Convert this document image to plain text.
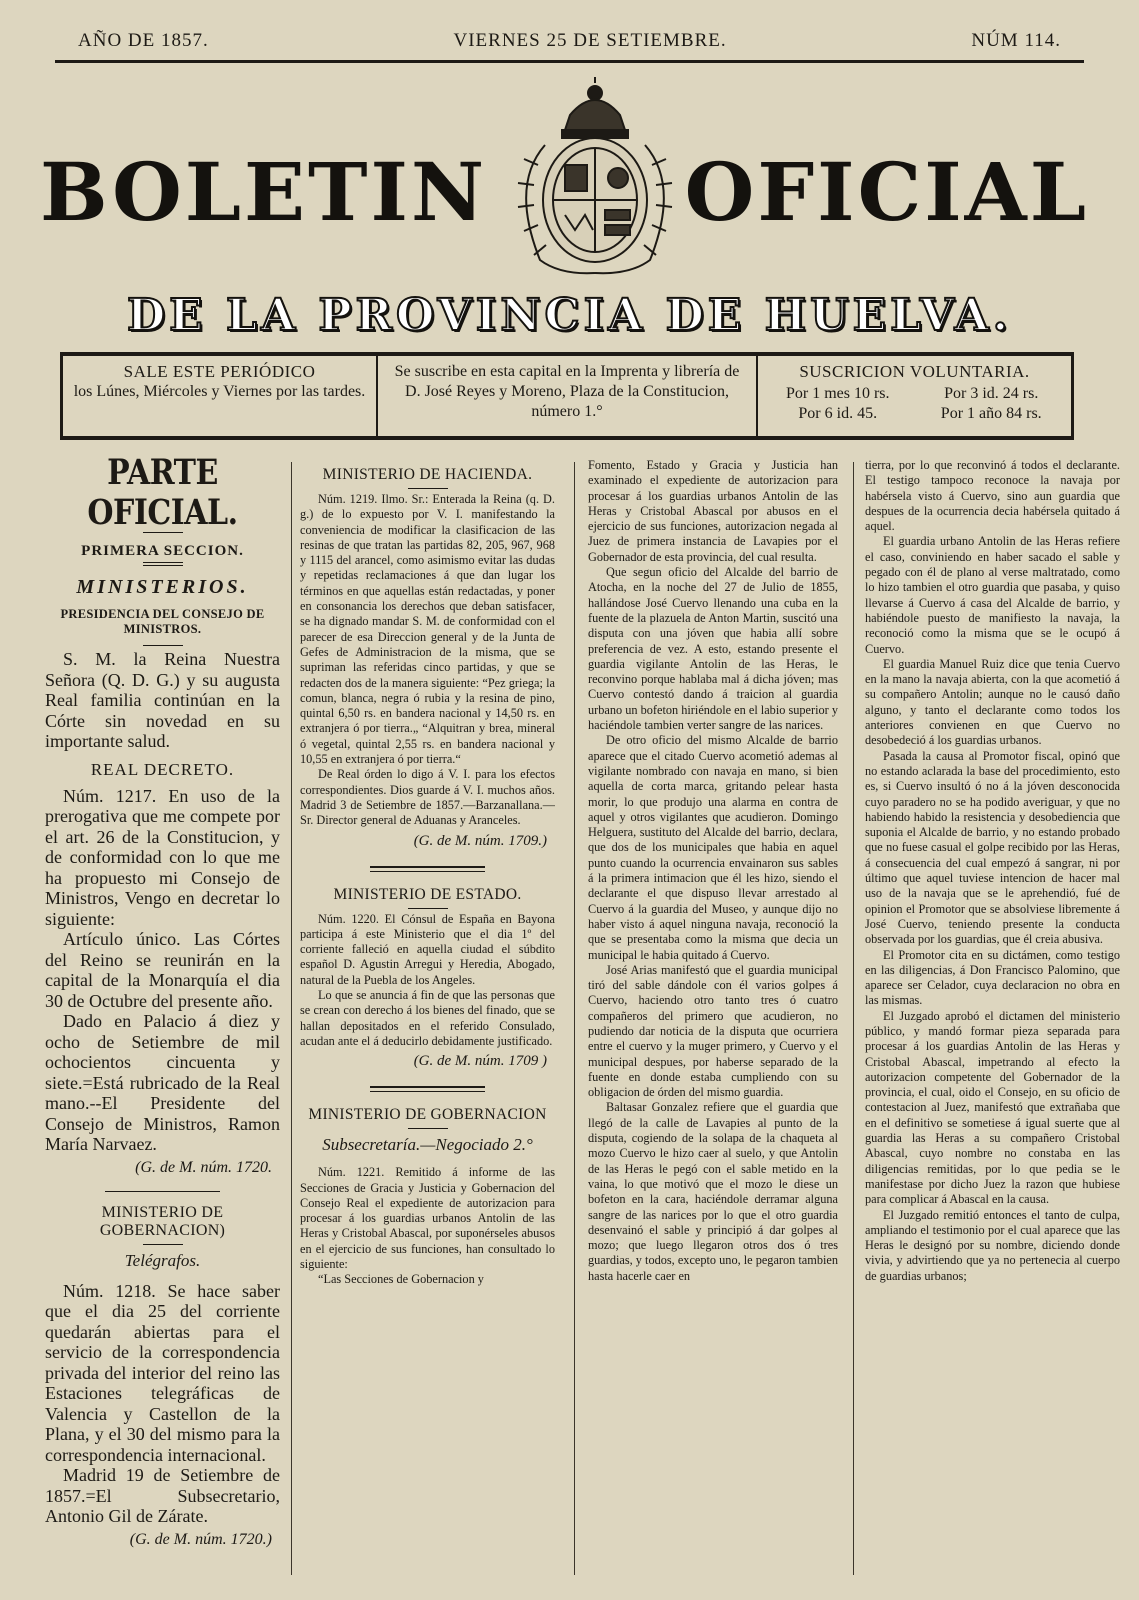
AÑO DE 1857.	VIERNES 25 DE SETIEMBRE.	NÚM 114.
BOLETIN OFICIAL
DE LA PROVINCIA DE HUELVA.
SALE ESTE PERIÓDICO
los Lúnes, Miércoles y Viernes por las tardes.
Se suscribe en esta capital en la Imprenta y librería de D. José Reyes y Moreno, Plaza de la Constitucion, número 1.°
SUSCRICION VOLUNTARIA.
Por 1 mes 10 rs.	Por 3 id. 24 rs.
Por 6 id. 45.	Por 1 año 84 rs.
PARTE OFICIAL.
PRIMERA SECCION.
MINISTERIOS.
PRESIDENCIA DEL CONSEJO DE MINISTROS.

S. M. la Reina Nuestra Señora (Q. D. G.) y su augusta Real familia continúan en la Córte sin novedad en su importante salud.

REAL DECRETO.

Núm. 1217. En uso de la prerogativa que me compete por el art. 26 de la Constitucion, y de conformidad con lo que me ha propuesto mi Consejo de Ministros, Vengo en decretar lo siguiente:

Artículo único. Las Córtes del Reino se reunirán en la capital de la Monarquía el dia 30 de Octubre del presente año.

Dado en Palacio á diez y ocho de Setiembre de mil ochocientos cincuenta y siete.=Está rubricado de la Real mano.--El Presidente del Consejo de Ministros, Ramon María Narvaez.

(G. de M. núm. 1720.
MINISTERIO DE GOBERNACION)
Telégrafos.

Núm. 1218. Se hace saber que el dia 25 del corriente quedarán abiertas para el servicio de la correspondencia privada del interior del reino las Estaciones telegráficas de Valencia y Castellon de la Plana, y el 30 del mismo para la correspondencia internacional.

Madrid 19 de Setiembre de 1857.=El Subsecretario, Antonio Gil de Zárate.

(G. de M. núm. 1720.)
MINISTERIO DE HACIENDA.

Núm. 1219. Ilmo. Sr.: Enterada la Reina (q. D. g.) de lo expuesto por V. I. manifestando la conveniencia de modificar la clasificacion de las resinas de que tratan las partidas 82, 205, 967, 968 y 1115 del arancel, como asimismo evitar las dudas y repetidas reclamaciones á que dan lugar los términos en que aquellas están redactadas, y poner en consonancia los derechos que deban satisfacer, se ha dignado mandar S. M. de conformidad con el parecer de esa Direccion general y de la Junta de Gefes de Administracion de la misma, que se supriman las referidas cinco partidas, y que se redacten dos de la manera siguiente: “Pez griega; la comun, blanca, negra ó rubia y la resina de pino, quintal 6,50 rs. en bandera nacional y 14,50 rs. en extranjera ó por tierra.„ “Alquitran y brea, mineral ó vegetal, quintal 2,55 rs. en bandera nacional y 10,55 en extranjera ó por tierra.“

De Real órden lo digo á V. I. para los efectos correspondientes. Dios guarde á V. I. muchos años. Madrid 3 de Setiembre de 1857.—Barzanallana.—Sr. Director general de Aduanas y Aranceles.

(G. de M. núm. 1709.)
MINISTERIO DE ESTADO.

Núm. 1220. El Cónsul de España en Bayona participa á este Ministerio que el dia 1º del corriente falleció en aquella ciudad el súbdito español D. Agustin Arregui y Heredia, Abogado, natural de la Puebla de los Angeles.

Lo que se anuncia á fin de que las personas que se crean con derecho á los bienes del finado, que se hallan depositados en el referido Consulado, acudan ante el á deducirlo debidamente justificado.

(G. de M. núm. 1709 )
MINISTERIO DE GOBERNACION
Subsecretaría.—Negociado 2.°

Núm. 1221. Remitido á informe de las Secciones de Gracia y Justicia y Gobernacion del Consejo Real el expediente de autorizacion para procesar á los guardias urbanos Antolin de las Heras y Cristobal Abascal, por suponérseles abusos en el ejercicio de sus funciones, han consultado lo siguiente:

“Las Secciones de Gobernacion y

Fomento, Estado y Gracia y Justicia han examinado el expediente de autorizacion para procesar á los guardias urbanos Antolin de las Heras y Cristobal Abascal por abusos en el ejercicio de sus funciones, autorizacion negada al Juez de primera instancia de Lavapies por el Gobernador de esta provincia, del cual resulta.

Que segun oficio del Alcalde del barrio de Atocha, en la noche del 27 de Julio de 1855, hallándose José Cuervo llenando una cuba en la fuente de la plazuela de Anton Martin, suscitó una disputa con una jóven que habia allí sobre preferencia de vez. A esto, estando presente el guardia vigilante Antolin de las Heras, le reconvino porque hablaba mal á dicha jóven; mas Cuervo contestó dando á traicion al guardia urbano un bofeton hiriéndole en el labio superior y haciéndole tambien verter sangre de las narices.

De otro oficio del mismo Alcalde de barrio aparece que el citado Cuervo acometió ademas al vigilante nombrado con navaja en mano, si bien aquella de corta marca, gritando pelear hasta morir, lo que produjo una alarma en contra de aquel y otros vigilantes que acudieron. Domingo Helguera, sustituto del Alcalde del barrio, declara, que dos de los municipales que habia en aquel punto cuando la ocurrencia envainaron sus sables á la primera intimacion que él les hizo, siendo el declarante el que dispuso llevar arrestado al Cuervo á la guardia del Museo, y aunque dijo no haber visto á aquel ninguna navaja, reconoció la que se presentaba como la misma que decia un municipal le habia quitado á Cuervo.

José Arias manifestó que el guardia municipal tiró del sable dándole con él varios golpes á Cuervo, haciendo otro tanto tres ó cuatro compañeros del primero que acudieron, no pudiendo dar noticia de la disputa que ocurriera entre el cuervo y la muger primero, y Cuervo y el municipal despues, por haberse separado de la fuente en donde estaba cumpliendo con su obligacion de órden del mismo guardia.

Baltasar Gonzalez refiere que el guardia que llegó de la calle de Lavapies al punto de la disputa, cogiendo de la solapa de la chaqueta al mozo Cuervo le hizo caer al suelo, y que Antolin de las Heras le pegó con el sable metido en la vaina, lo que motivó que el mozo le diese un bofeton en la cara, haciéndole derramar alguna sangre de las narices por lo que el otro guardia desenvainó el sable y principió á dar golpes al mozo; que luego llegaron otros dos ó tres guardias, y todos, excepto uno, le pegaron tambien hasta hacerle caer en

tierra, por lo que reconvinó á todos el declarante. El testigo tampoco reconoce la navaja por habérsela visto á Cuervo, sino aun guardia que despues de la ocurrencia decia habérsela quitado á aquel.

El guardia urbano Antolin de las Heras refiere el caso, conviniendo en haber sacado el sable y pegado con él de plano al verse maltratado, como lo hizo tambien el otro guardia que pasaba, y quiso llevarse á Cuervo á casa del Alcalde de barrio, y habiéndole puesto de manifiesto la navaja, la reconoció como la misma que se le ocupó á Cuervo.

El guardia Manuel Ruiz dice que tenia Cuervo en la mano la navaja abierta, con la que acometió á su compañero Antolin; aunque no le causó daño alguno, y tanto el declarante como todos los anteriores convienen en que Cuervo no desobedeció á los guardias urbanos.

Pasada la causa al Promotor fiscal, opinó que no estando aclarada la base del procedimiento, esto es, si Cuervo insultó ó no á la jóven desconocida cuyo paradero no se ha podido averiguar, y que no habiendo habido la resistencia y desobediencia que suponia el Alcalde de barrio, y no estando probado que no fuese casual el golpe recibido por las Heras, á consecuencia del cual empezó á sangrar, ni por último que aquel tuviese intencion de hacer mal uso de la navaja que se le aprehendió, fué de opinion el Promotor que se absolviese libremente á José Cuervo, teniendo presente la conducta observada por los guardias, que él creia abusiva.

El Promotor cita en su dictámen, como testigo en las diligencias, á Don Francisco Palomino, que aparece ser Celador, cuya declaracion no obra en las mismas.

El Juzgado aprobó el dictamen del ministerio público, y mandó formar pieza separada para procesar á los guardias Antolin de las Heras y Cristobal Abascal, impetrando al efecto la autorizacion competente del Gobernador de la provincia, el cual, oido el Consejo, en su oficio de contestacion al Juez, manifestó que extrañaba que en el definitivo se sometiese á igual suerte que al guardia las Heras a su compañero Cristobal Abascal, cuyo nombre no constaba en las diligencias remitidas, por lo que pedia se le manifestase por dicho Juez la razon que hubiese para complicar á Abascal en la causa.

El Juzgado remitió entonces el tanto de culpa, ampliando el testimonio por el cual aparece que las Heras le designó por su nombre, diciendo donde vivia, y advirtiendo que ya no pertenecia al cuerpo de guardias urbanos;
